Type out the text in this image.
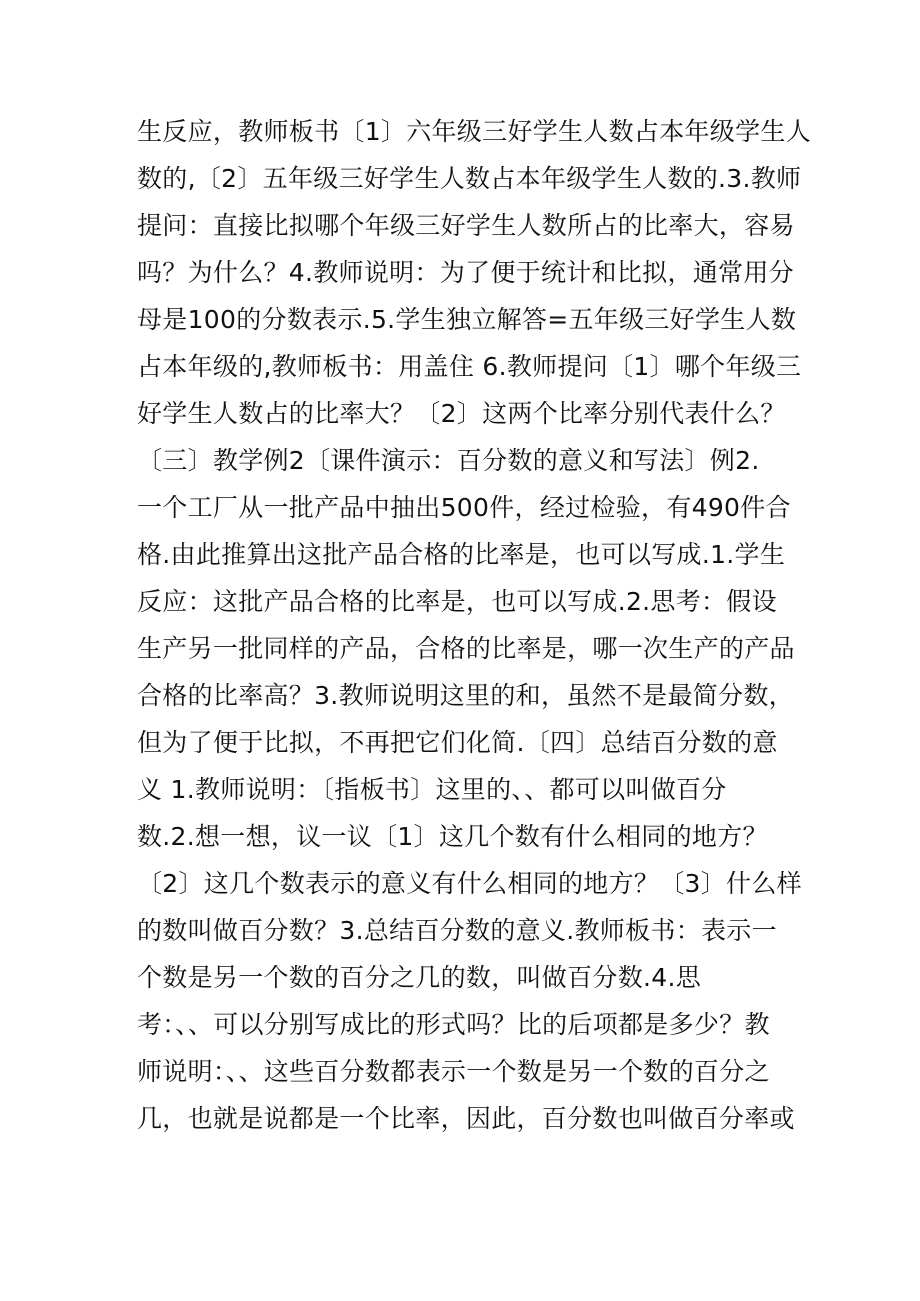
生反应，教师板书〔1〕六年级三好学生人数占本年级学生人
数的,〔2〕五年级三好学生人数占本年级学生人数的.3.教师
提问：直接比拟哪个年级三好学生人数所占的比率大，容易
吗？为什么？4.教师说明：为了便于统计和比拟，通常用分
母是100的分数表示.5.学生独立解答=五年级三好学生人数
占本年级的,教师板书：用盖住 6.教师提问〔1〕哪个年级三
好学生人数占的比率大？〔2〕这两个比率分别代表什么？
〔三〕教学例2〔课件演示：百分数的意义和写法〕例2.
一个工厂从一批产品中抽出500件，经过检验，有490件合
格.由此推算出这批产品合格的比率是，也可以写成.1.学生
反应：这批产品合格的比率是，也可以写成.2.思考：假设
生产另一批同样的产品，合格的比率是，哪一次生产的产品
合格的比率高？3.教师说明这里的和，虽然不是最简分数，
但为了便于比拟，不再把它们化简.〔四〕总结百分数的意
义 1.教师说明：〔指板书〕这里的、、都可以叫做百分
数.2.想一想，议一议〔1〕这几个数有什么相同的地方？
〔2〕这几个数表示的意义有什么相同的地方？〔3〕什么样
的数叫做百分数？3.总结百分数的意义.教师板书：表示一
个数是另一个数的百分之几的数，叫做百分数.4.思
考：、、可以分别写成比的形式吗？比的后项都是多少？教
师说明：、、这些百分数都表示一个数是另一个数的百分之
几，也就是说都是一个比率，因此，百分数也叫做百分率或
